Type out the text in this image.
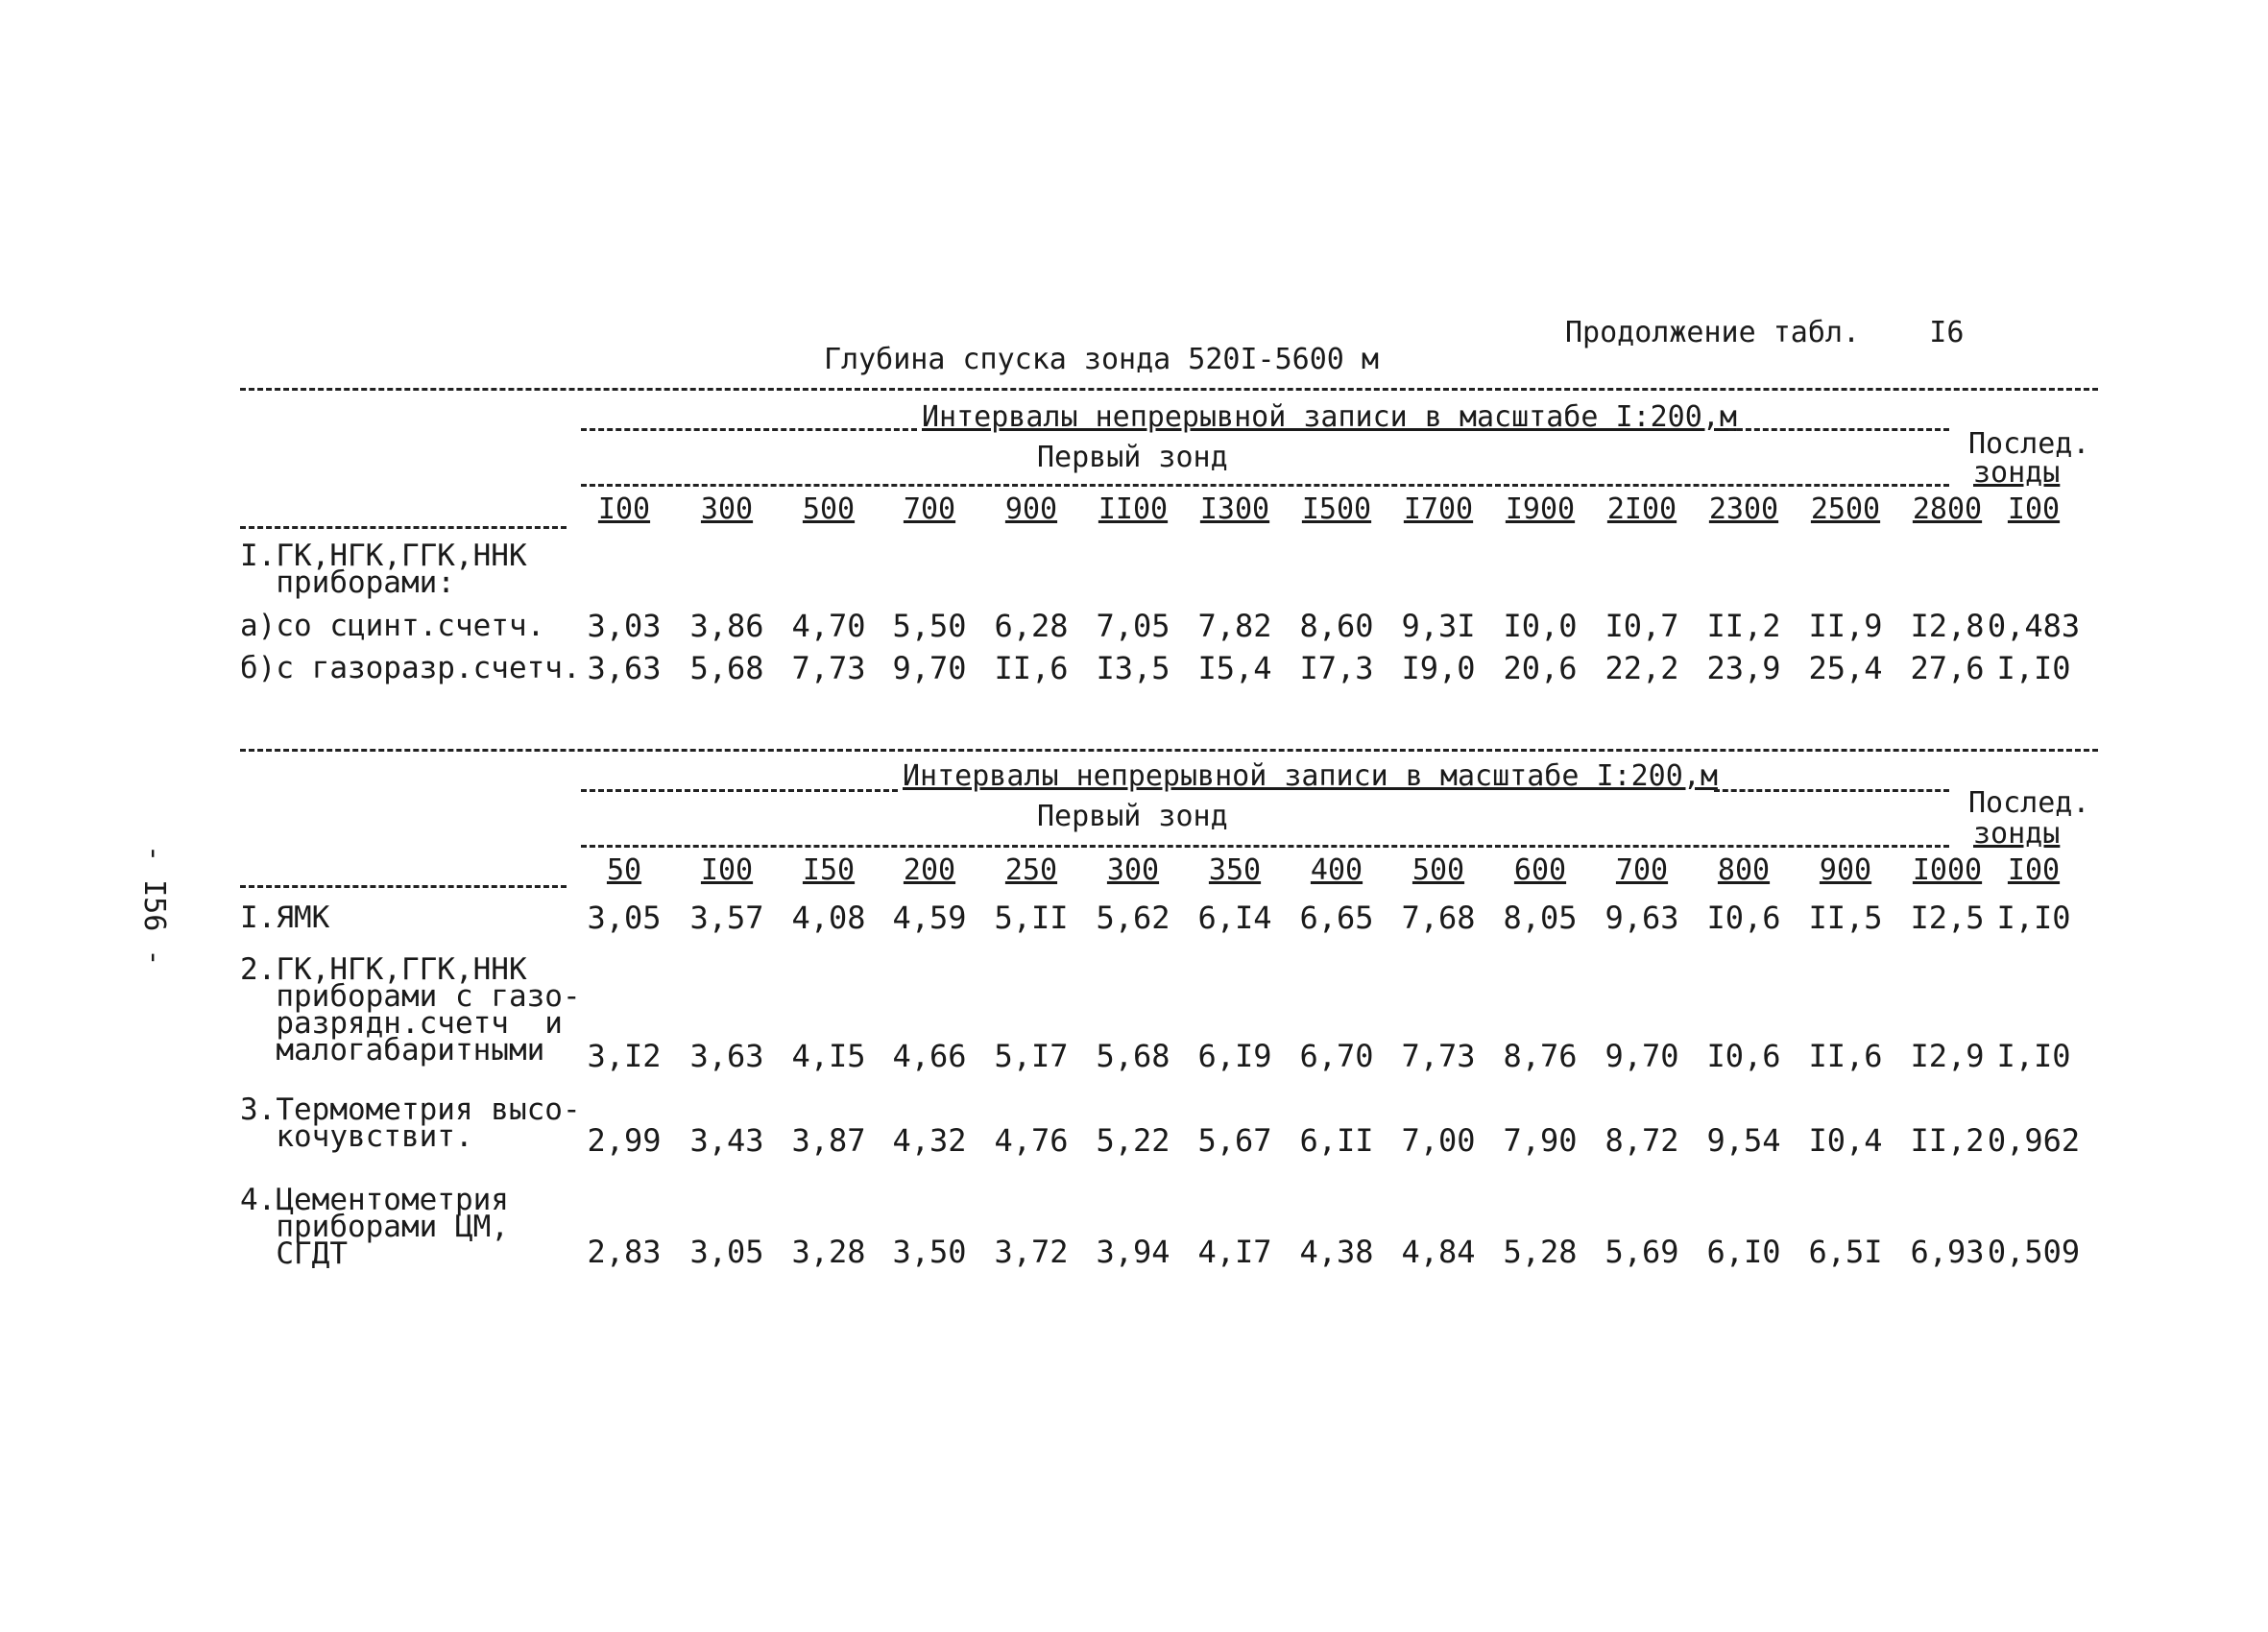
Продолжение табл. I6
Глубина спуска зонда 520I-5600 м
- I56 -
Интервалы непрерывной записи в масштабе I:200,м
Первый зонд	Послед.
зонды
I00	300	500	700	900	II00	I300	I500	I700	I900	2I00	2300	2500	2800 I00
I.ГК,НГК,ГГК,ННК
приборами:
а)со сцинт.счетч.	3,03 3,86 4,70 5,50 6,28 7,05 7,82 8,60 9,3I I0,0 I0,7 II,2 II,9 I2,8 0,483
б)с газоразр.счетч. 3,63 5,68 7,73 9,70 II,6 I3,5 I5,4 I7,3 I9,0 20,6 22,2 23,9 25,4 27,6 I,I0
Интервалы непрерывной записи в масштабе I:200,м
Первый зонд	Послед.
зонды
50	I00	I50	200	250	300	350	400	500	600	700	800	900	I000 I00
I.ЯМК	3,05 3,57 4,08 4,59 5,II 5,62 6,I4 6,65 7,68 8,05 9,63 I0,6 II,5 I2,5 I,I0
2.ГК,НГК,ГГК,ННК
приборами с газо-
разрядн.счетч  и
малогабаритными	3,I2 3,63 4,I5 4,66 5,I7 5,68 6,I9 6,70 7,73 8,76 9,70 I0,6 II,6 I2,9 I,I0
3.Термометрия высо-
кочувствит.	2,99 3,43 3,87 4,32 4,76 5,22 5,67 6,II 7,00 7,90 8,72 9,54 I0,4 II,2 0,962
4.Цементометрия
приборами ЦМ,
СГДТ	2,83 3,05 3,28 3,50 3,72 3,94 4,I7 4,38 4,84 5,28 5,69 6,I0 6,5I 6,93 0,509
